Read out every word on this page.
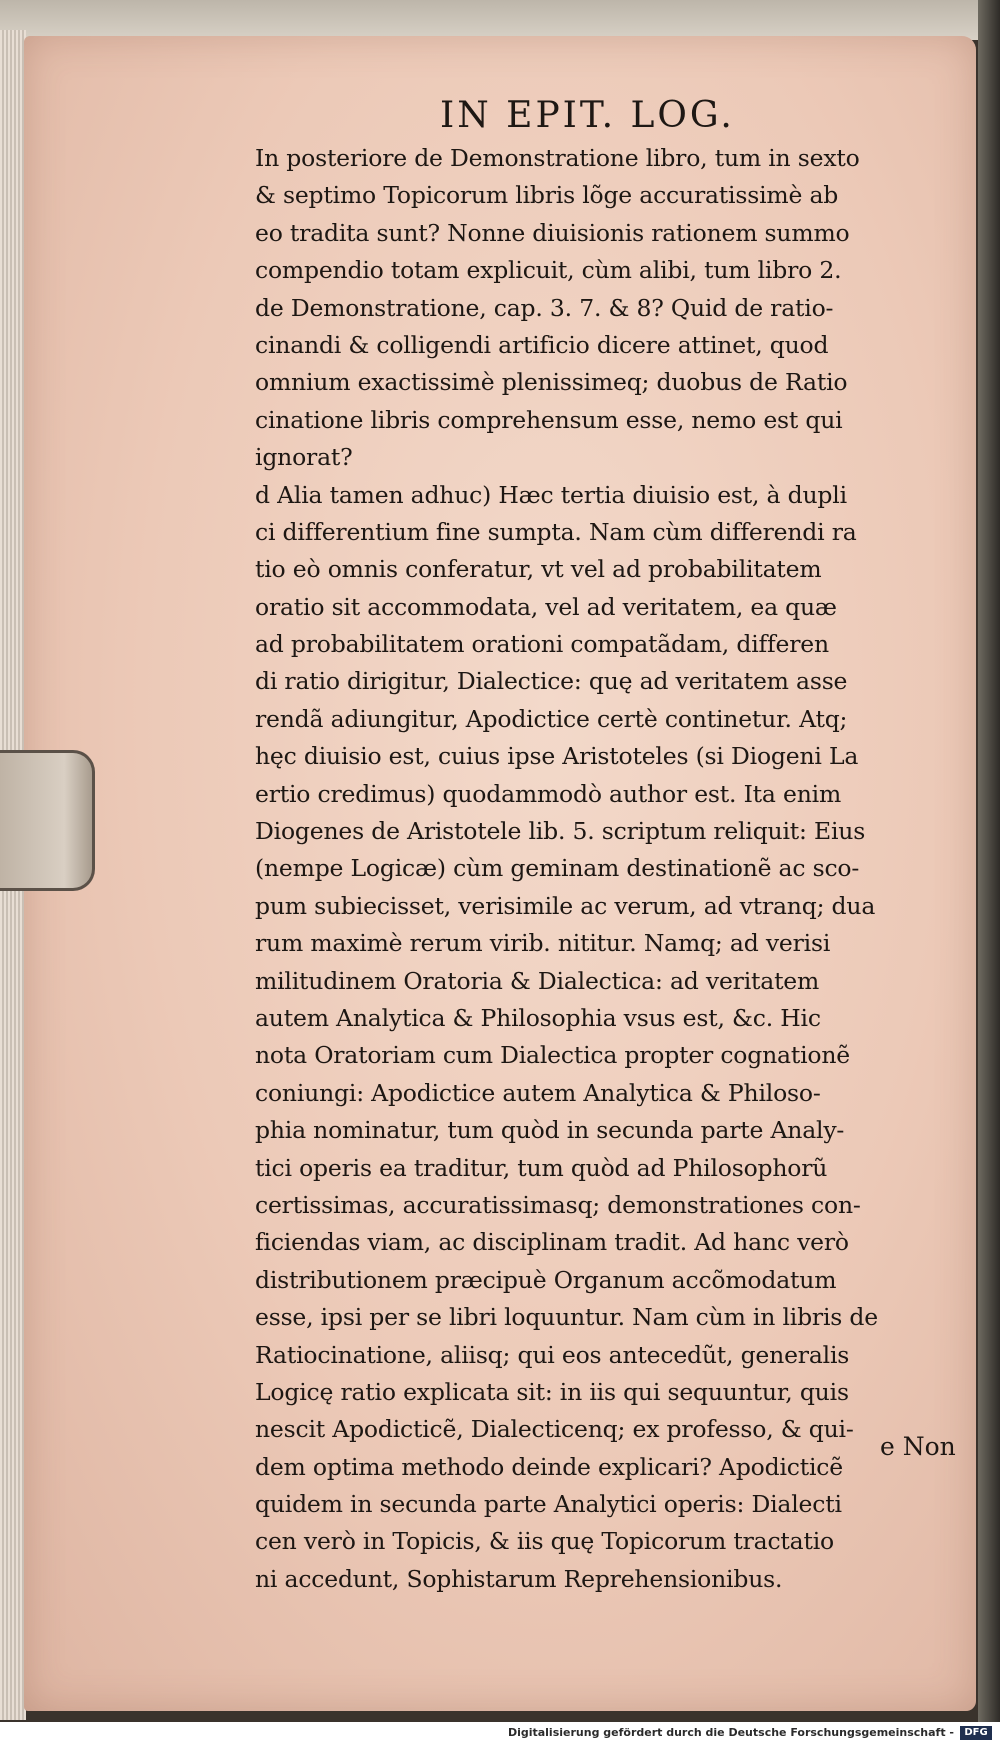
IN EPIT. LOG.
In posteriore de Demonstratione libro, tum in sexto
& septimo Topicorum libris lõge accuratissimè ab
eo tradita sunt? Nonne diuisionis rationem summo
compendio totam explicuit, cùm alibi, tum libro 2.
de Demonstratione, cap. 3. 7. & 8? Quid de ratio-
cinandi & colligendi artificio dicere attinet, quod
omnium exactissimè plenissimeq; duobus de Ratio
cinatione libris comprehensum esse, nemo est qui
ignorat?
d Alia tamen adhuc) Hæc tertia diuisio est, à dupli
ci differentium fine sumpta. Nam cùm differendi ra
tio eò omnis conferatur, vt vel ad probabilitatem
oratio sit accommodata, vel ad veritatem, ea quæ
ad probabilitatem orationi compatãdam, differen
di ratio dirigitur, Dialectice: quę ad veritatem asse
rendã adiungitur, Apodictice certè continetur. Atq;
hęc diuisio est, cuius ipse Aristoteles (si Diogeni La
ertio credimus) quodammodò author est. Ita enim
Diogenes de Aristotele lib. 5. scriptum reliquit: Eius
(nempe Logicæ) cùm geminam destinationẽ ac sco-
pum subiecisset, verisimile ac verum, ad vtranq; dua
rum maximè rerum virib. nititur. Namq; ad verisi
militudinem Oratoria & Dialectica: ad veritatem
autem Analytica & Philosophia vsus est, &c. Hic
nota Oratoriam cum Dialectica propter cognationẽ
coniungi: Apodictice autem Analytica & Philoso-
phia nominatur, tum quòd in secunda parte Analy-
tici operis ea traditur, tum quòd ad Philosophorũ
certissimas, accuratissimasq; demonstrationes con-
ficiendas viam, ac disciplinam tradit. Ad hanc verò
distributionem præcipuè Organum accõmodatum
esse, ipsi per se libri loquuntur. Nam cùm in libris de
Ratiocinatione, aliisq; qui eos antecedũt, generalis
Logicę ratio explicata sit: in iis qui sequuntur, quis
nescit Apodicticẽ, Dialecticenq; ex professo, & qui-
dem optima methodo deinde explicari? Apodicticẽ
quidem in secunda parte Analytici operis: Dialecti
cen verò in Topicis, & iis quę Topicorum tractatio
ni accedunt, Sophistarum Reprehensionibus.
e Non
Digitalisierung gefördert durch die Deutsche Forschungsgemeinschaft -	DFG
